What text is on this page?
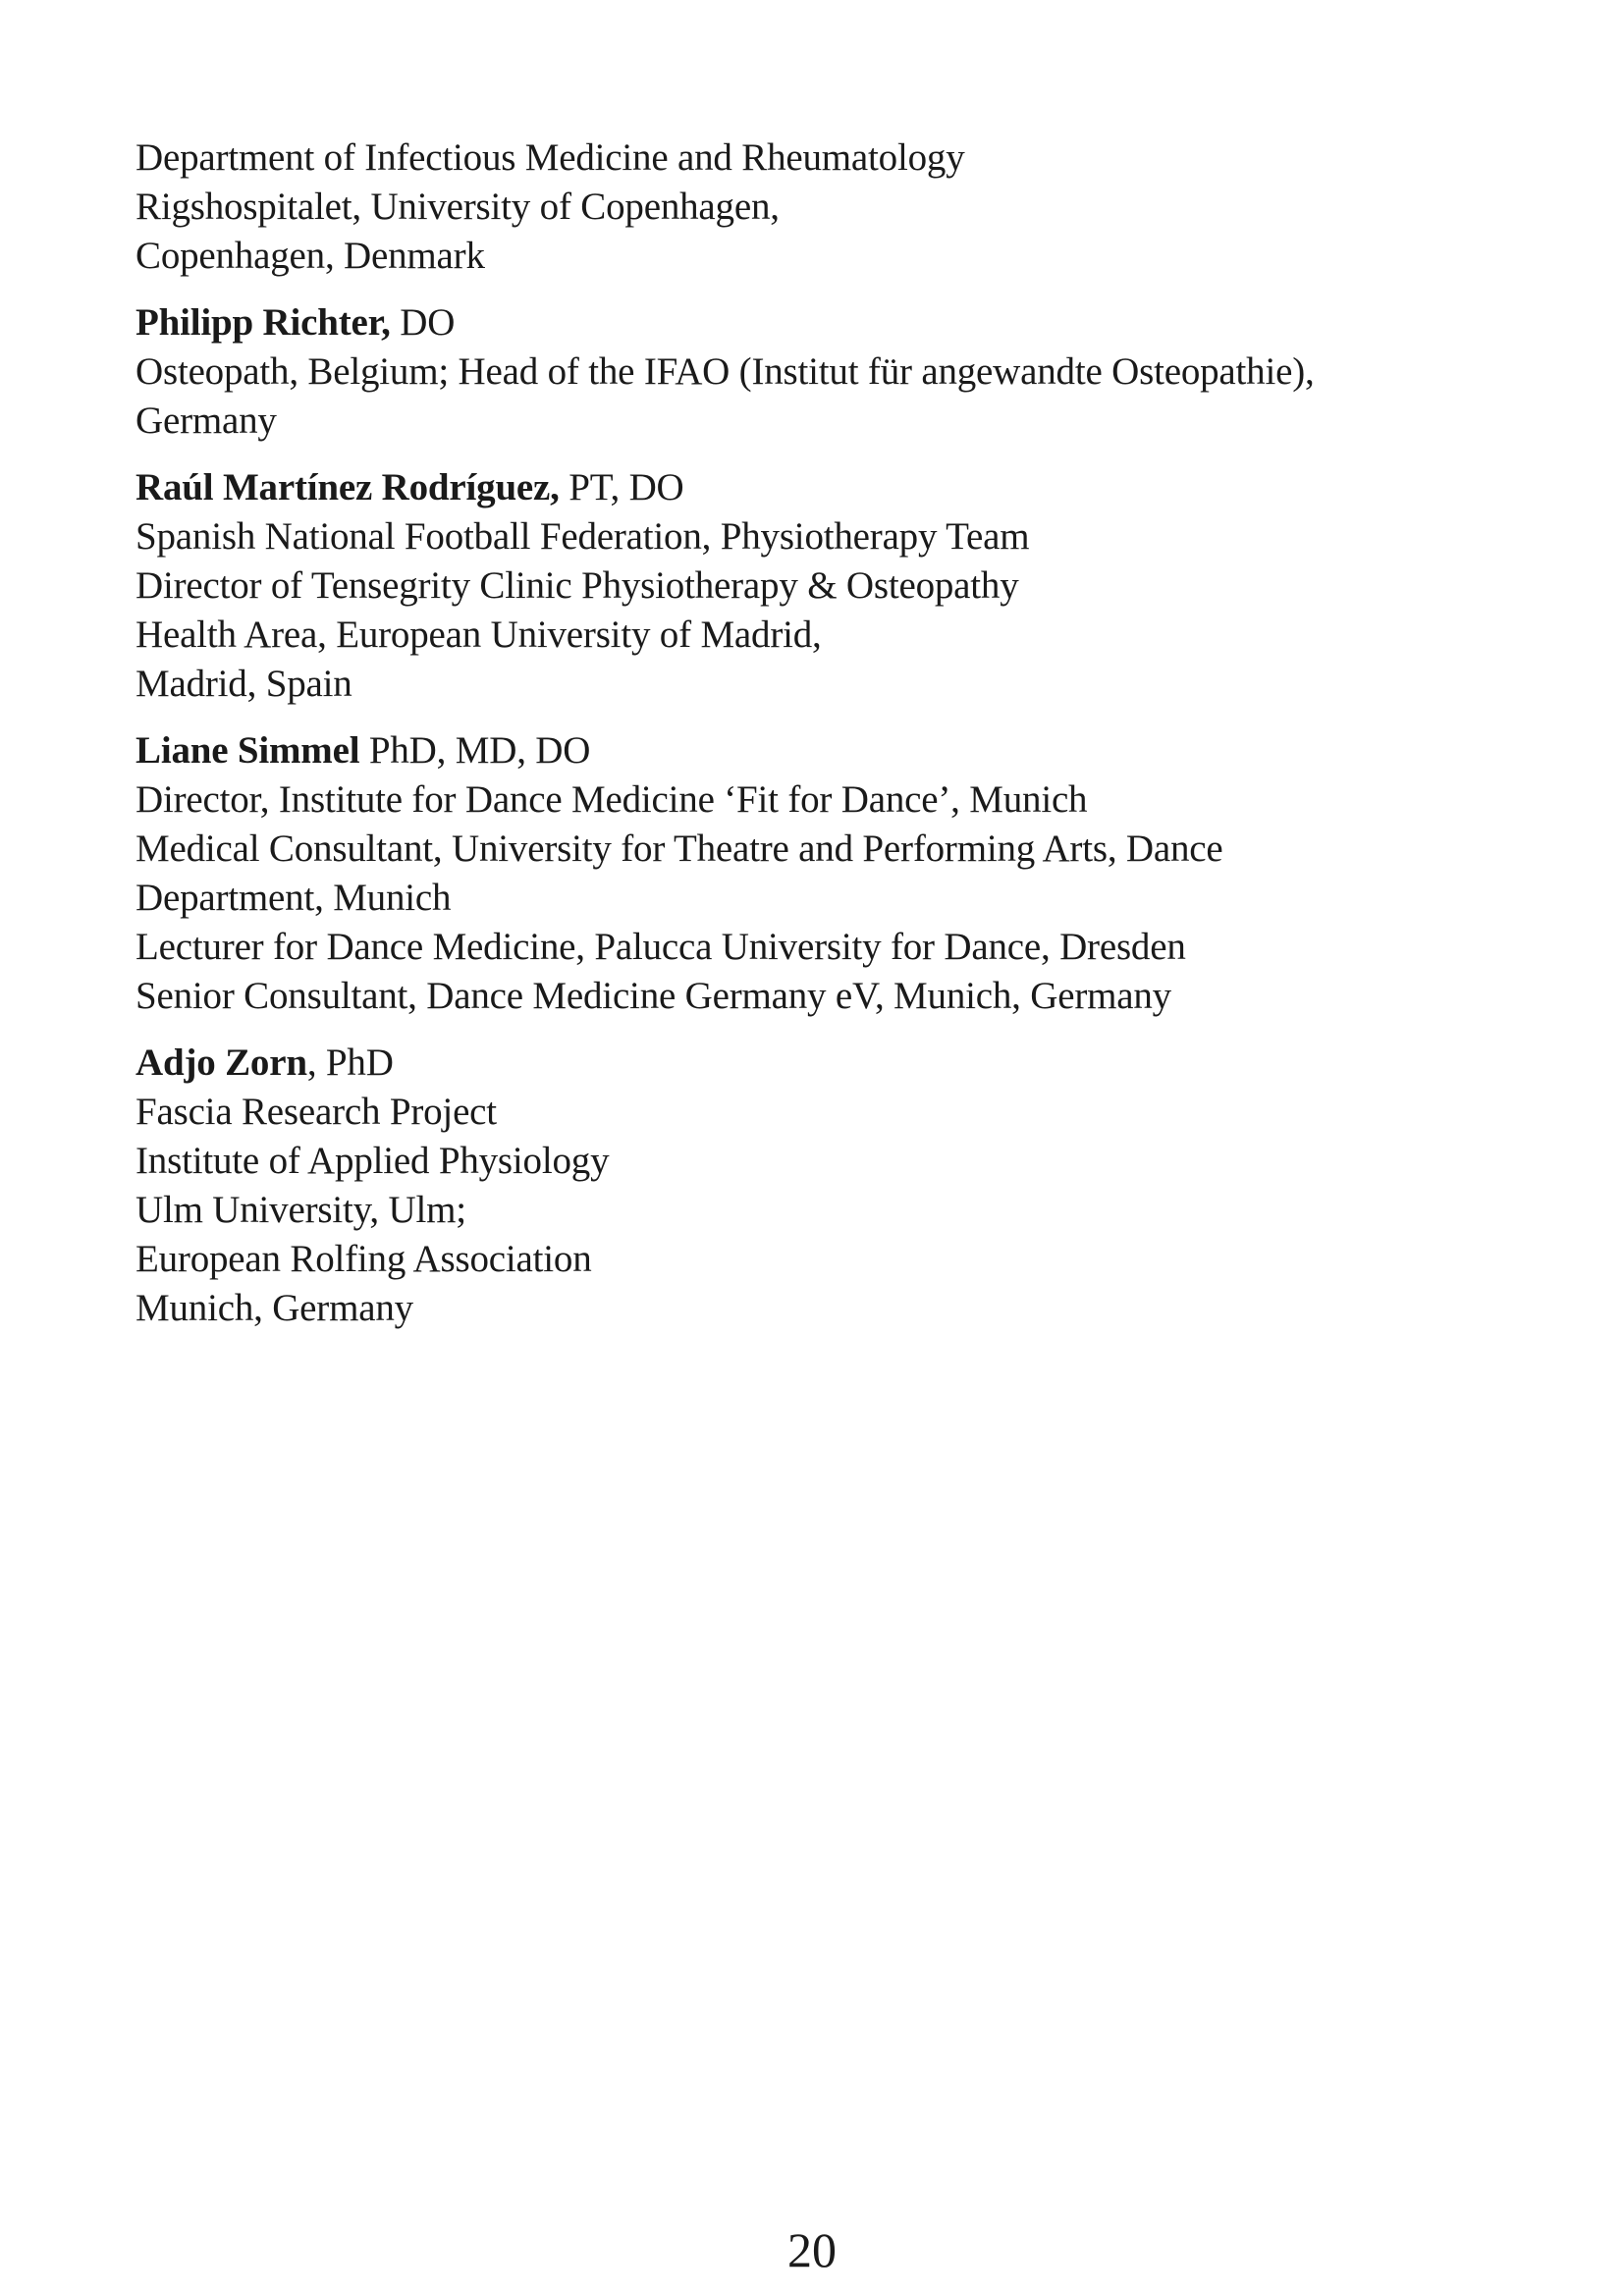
Department of Infectious Medicine and Rheumatology
Rigshospitalet, University of Copenhagen,
Copenhagen, Denmark
Philipp Richter, DO
Osteopath, Belgium; Head of the IFAO (Institut für angewandte Osteopathie),
Germany
Raúl Martínez Rodríguez, PT, DO
Spanish National Football Federation, Physiotherapy Team
Director of Tensegrity Clinic Physiotherapy & Osteopathy
Health Area, European University of Madrid,
Madrid, Spain
Liane Simmel PhD, MD, DO
Director, Institute for Dance Medicine ‘Fit for Dance’, Munich
Medical Consultant, University for Theatre and Performing Arts, Dance
Department, Munich
Lecturer for Dance Medicine, Palucca University for Dance, Dresden
Senior Consultant, Dance Medicine Germany eV, Munich, Germany
Adjo Zorn, PhD
Fascia Research Project
Institute of Applied Physiology
Ulm University, Ulm;
European Rolfing Association
Munich, Germany
20
